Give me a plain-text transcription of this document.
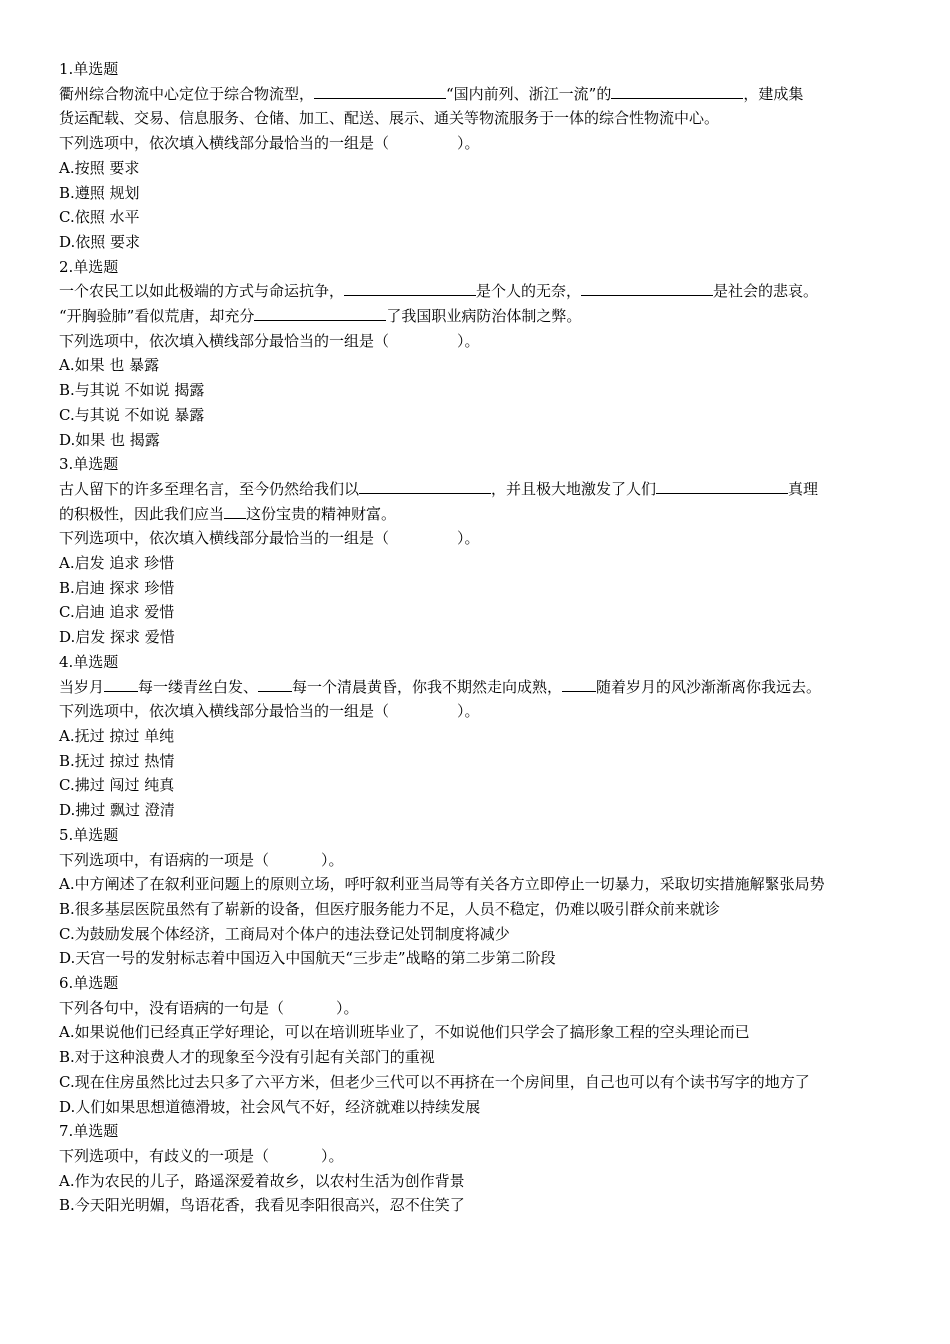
1.单选题
衢州综合物流中心定位于综合物流型，	“国内前列、浙江一流”的	，建成集
货运配载、交易、信息服务、仓储、加工、配送、展示、通关等物流服务于一体的综合性物流中心。
下列选项中，依次填入横线部分最恰当的一组是（	）。
A.按照 要求
B.遵照 规划
C.依照 水平
D.依照 要求
2.单选题
一个农民工以如此极端的方式与命运抗争，	是个人的无奈，	是社会的悲哀。
“开胸验肺”看似荒唐，却充分	了我国职业病防治体制之弊。
下列选项中，依次填入横线部分最恰当的一组是（	）。
A.如果 也 暴露
B.与其说 不如说 揭露
C.与其说 不如说 暴露
D.如果 也 揭露
3.单选题
古人留下的许多至理名言，至今仍然给我们以	，并且极大地激发了人们	真理
的积极性，因此我们应当 这份宝贵的精神财富。
下列选项中，依次填入横线部分最恰当的一组是（	）。
A.启发 追求 珍惜
B.启迪 探求 珍惜
C.启迪 追求 爱惜
D.启发 探求 爱惜
4.单选题
当岁月 每一缕青丝白发、 每一个清晨黄昏，你我不期然走向成熟， 随着岁月的风沙渐渐离你我远去。
下列选项中，依次填入横线部分最恰当的一组是（	）。
A.抚过 掠过 单纯
B.抚过 掠过 热情
C.拂过 闯过 纯真
D.拂过 飘过 澄清
5.单选题
下列选项中，有语病的一项是（	）。
A.中方阐述了在叙利亚问题上的原则立场，呼吁叙利亚当局等有关各方立即停止一切暴力，采取切实措施解緊张局势
B.很多基层医院虽然有了崭新的设备，但医疗服务能力不足，人员不稳定，仍难以吸引群众前来就诊
C.为鼓励发展个体经济，工商局对个体户的违法登记处罚制度将减少
D.天宫一号的发射标志着中国迈入中国航天“三步走”战略的第二步第二阶段
6.单选题
下列各句中，没有语病的一句是（	）。
A.如果说他们已经真正学好理论，可以在培训班毕业了，不如说他们只学会了搞形象工程的空头理论而已
B.对于这种浪费人才的现象至今没有引起有关部门的重视
C.现在住房虽然比过去只多了六平方米，但老少三代可以不再挤在一个房间里，自己也可以有个读书写字的地方了
D.人们如果思想道德滑坡，社会风气不好，经济就难以持续发展
7.单选题
下列选项中，有歧义的一项是（	）。
A.作为农民的儿子，路遥深爱着故乡，以农村生活为创作背景
B.今天阳光明媚，鸟语花香，我看见李阳很高兴，忍不住笑了
